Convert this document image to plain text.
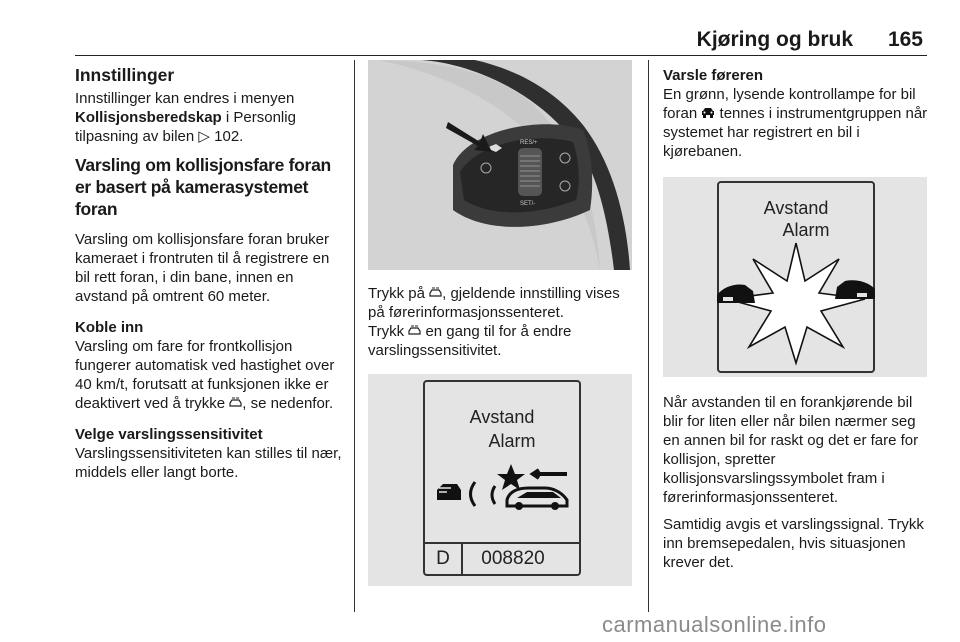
Kjøring og bruk 165
Innstillinger

Innstillinger kan endres i menyen Kollisjonsberedskap i Personlig tilpasning av bilen ▷ 102.

Varsling om kollisjonsfare foran er basert på kamerasystemet foran

Varsling om kollisjonsfare foran bruker kameraet i frontruten til å registrere en bil rett foran, i din bane, innen en avstand på omtrent 60 meter.

Koble inn

Varsling om fare for frontkollisjon fungerer automatisk ved hastighet over 40 km/t, forutsatt at funksjonen ikke er deaktivert ved å trykke , se nedenfor.

Velge varslingssensitivitet

Varslingssensitiviteten kan stilles til nær, middels eller langt borte.

RES/+
SET/-

Trykk på , gjeldende innstilling vises på førerinformasjonssenteret.

Trykk  en gang til for å endre varslingssensitivitet.

Avstand
Alarm
D	008820
Varsle føreren

En grønn, lysende kontrollampe for bil foran  tennes i instrumentgruppen når systemet har registrert en bil i kjørebanen.

Avstand
Alarm

Når avstanden til en forankjørende bil blir for liten eller når bilen nærmer seg en annen bil for raskt og det er fare for kollisjon, spretter kollisjonsvarslingssymbolet fram i førerinformasjonssenteret.

Samtidig avgis et varslingssignal. Trykk inn bremsepedalen, hvis situasjonen krever det.

carmanualsonline.info
